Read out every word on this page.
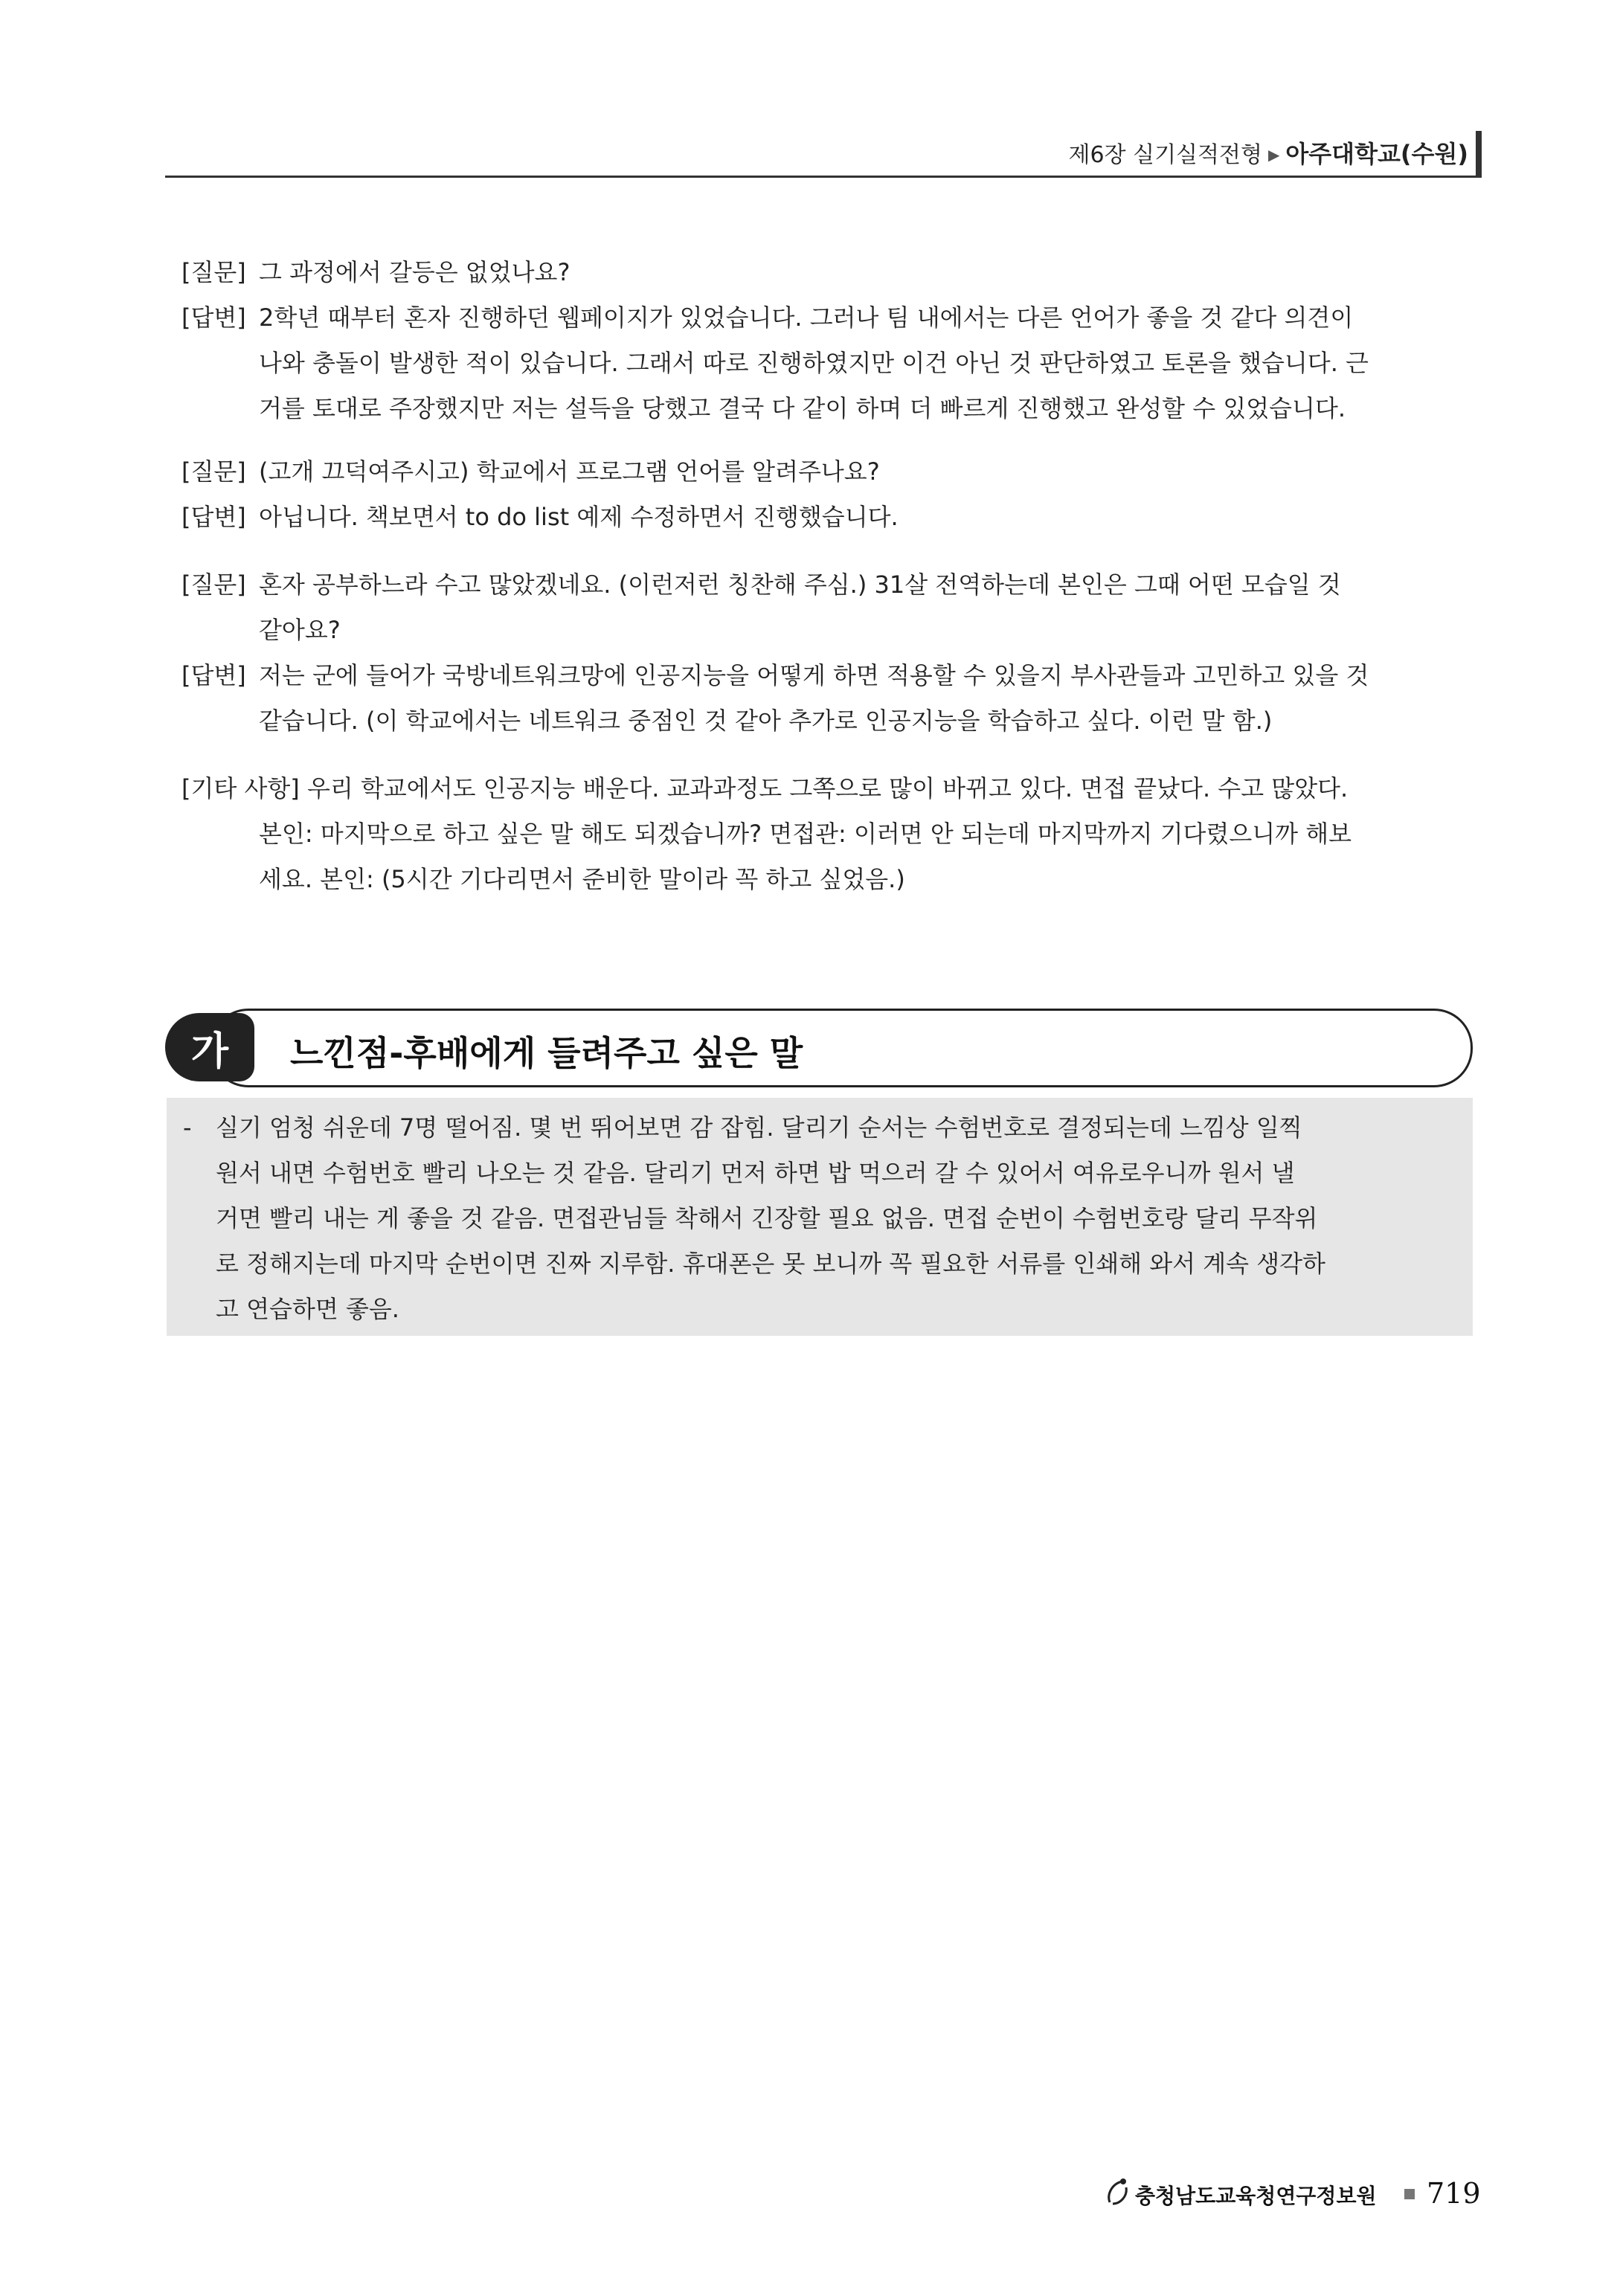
제6장 실기실적전형 ▶ 아주대학교(수원)
[질문] 그 과정에서 갈등은 없었나요?
[답변] 2학년 때부터 혼자 진행하던 웹페이지가 있었습니다. 그러나 팀 내에서는 다른 언어가 좋을 것 같다 의견이
나와 충돌이 발생한 적이 있습니다. 그래서 따로 진행하였지만 이건 아닌 것 판단하였고 토론을 했습니다. 근
거를 토대로 주장했지만 저는 설득을 당했고 결국 다 같이 하며 더 빠르게 진행했고 완성할 수 있었습니다.
[질문] (고개 끄덕여주시고) 학교에서 프로그램 언어를 알려주나요?
[답변] 아닙니다. 책보면서 to do list 예제 수정하면서 진행했습니다.
[질문] 혼자 공부하느라 수고 많았겠네요. (이런저런 칭찬해 주심.) 31살 전역하는데 본인은 그때 어떤 모습일 것
같아요?
[답변] 저는 군에 들어가 국방네트워크망에 인공지능을 어떻게 하면 적용할 수 있을지 부사관들과 고민하고 있을 것
같습니다. (이 학교에서는 네트워크 중점인 것 같아 추가로 인공지능을 학습하고 싶다. 이런 말 함.)
[기타 사항] 우리 학교에서도 인공지능 배운다. 교과과정도 그쪽으로 많이 바뀌고 있다. 면접 끝났다. 수고 많았다.
본인: 마지막으로 하고 싶은 말 해도 되겠습니까? 면접관: 이러면 안 되는데 마지막까지 기다렸으니까 해보
세요. 본인: (5시간 기다리면서 준비한 말이라 꼭 하고 싶었음.)
가	느낀점-후배에게 들려주고 싶은 말
- 실기 엄청 쉬운데 7명 떨어짐. 몇 번 뛰어보면 감 잡힘. 달리기 순서는 수험번호로 결정되는데 느낌상 일찍
원서 내면 수험번호 빨리 나오는 것 같음. 달리기 먼저 하면 밥 먹으러 갈 수 있어서 여유로우니까 원서 낼
거면 빨리 내는 게 좋을 것 같음. 면접관님들 착해서 긴장할 필요 없음. 면접 순번이 수험번호랑 달리 무작위
로 정해지는데 마지막 순번이면 진짜 지루함. 휴대폰은 못 보니까 꼭 필요한 서류를 인쇄해 와서 계속 생각하
고 연습하면 좋음.
충청남도교육청연구정보원 719
